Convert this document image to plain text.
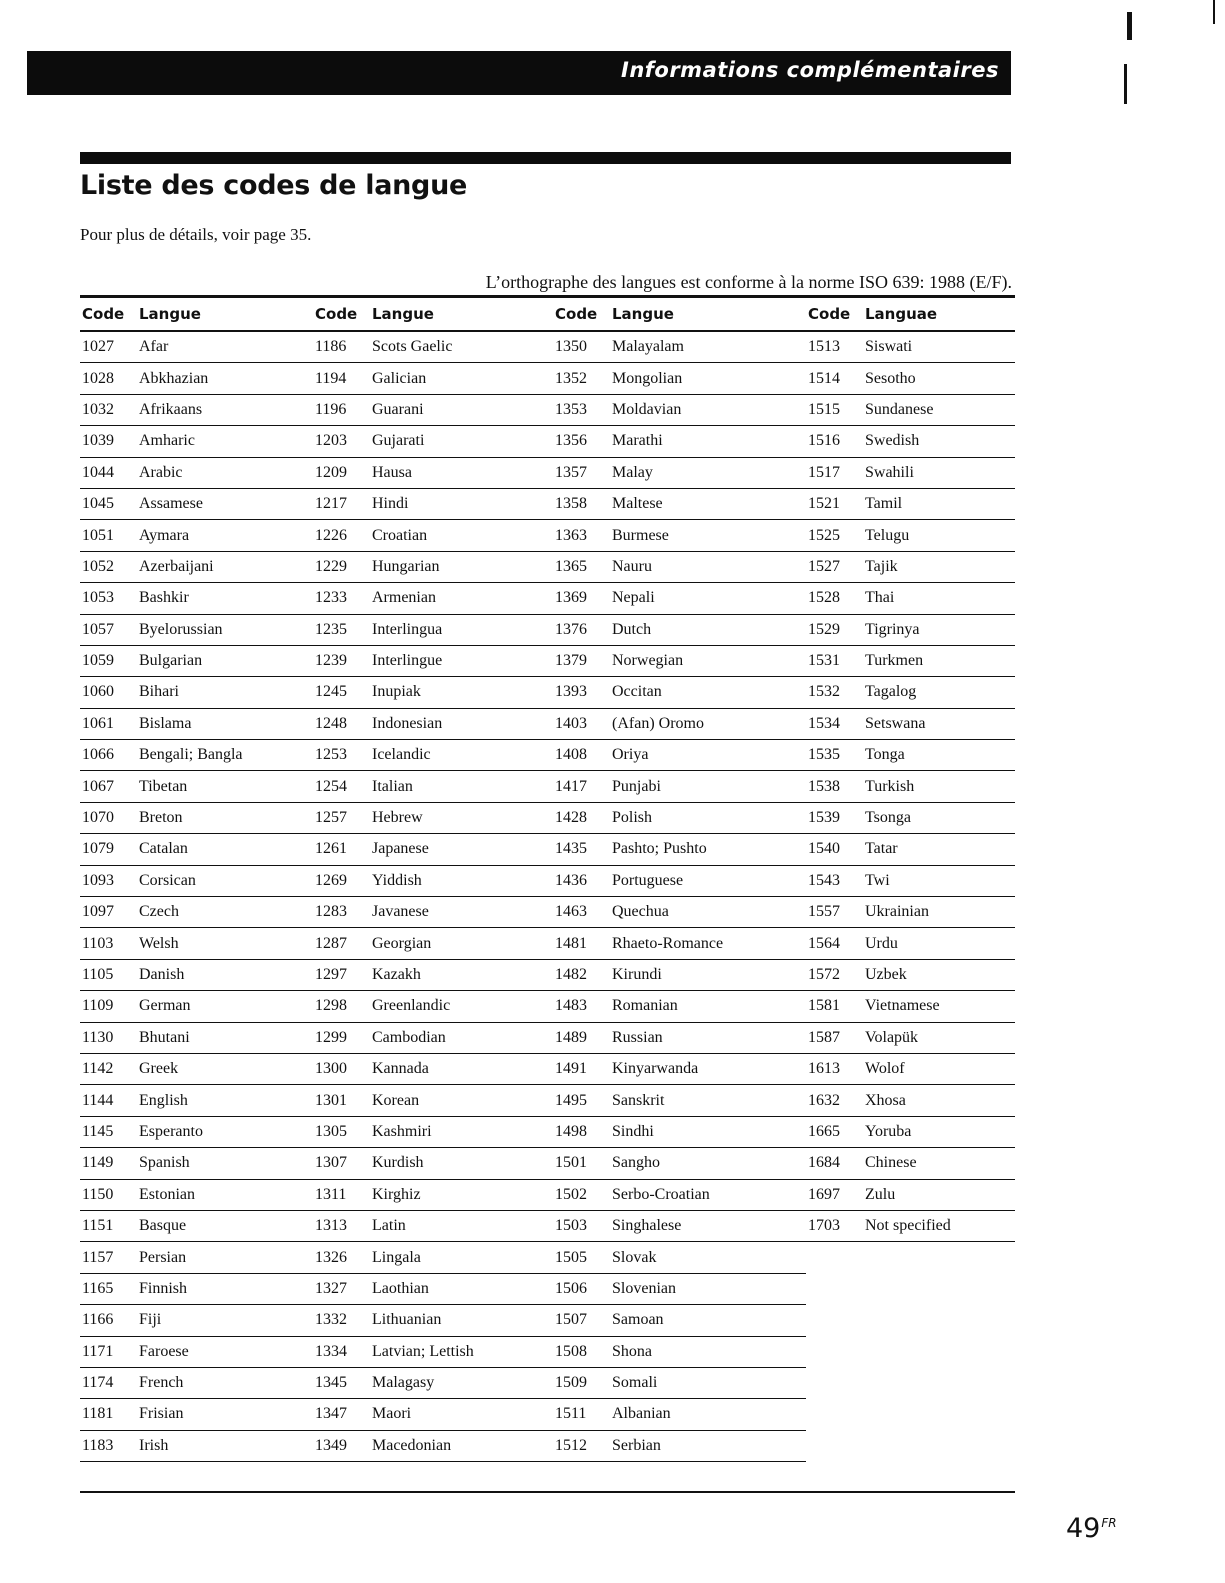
Informations complémentaires
Liste des codes de langue
Pour plus de détails, voir page 35.
L’orthographe des langues est conforme à la norme ISO 639: 1988 (E/F).
Code Langue
1027	Afar
1028	Abkhazian
1032	Afrikaans
1039	Amharic
1044	Arabic
1045	Assamese
1051	Aymara
1052	Azerbaijani
1053	Bashkir
1057	Byelorussian
1059	Bulgarian
1060	Bihari
1061	Bislama
1066	Bengali; Bangla
1067	Tibetan
1070	Breton
1079	Catalan
1093	Corsican
1097	Czech
1103	Welsh
1105	Danish
1109	German
1130	Bhutani
1142	Greek
1144	English
1145	Esperanto
1149	Spanish
1150	Estonian
1151	Basque
1157	Persian
1165	Finnish
1166	Fiji
1171	Faroese
1174	French
1181	Frisian
1183	Irish
Code Langue
1186	Scots Gaelic
1194	Galician
1196	Guarani
1203	Gujarati
1209	Hausa
1217	Hindi
1226	Croatian
1229	Hungarian
1233	Armenian
1235	Interlingua
1239	Interlingue
1245	Inupiak
1248	Indonesian
1253	Icelandic
1254	Italian
1257	Hebrew
1261	Japanese
1269	Yiddish
1283	Javanese
1287	Georgian
1297	Kazakh
1298	Greenlandic
1299	Cambodian
1300	Kannada
1301	Korean
1305	Kashmiri
1307	Kurdish
1311	Kirghiz
1313	Latin
1326	Lingala
1327	Laothian
1332	Lithuanian
1334	Latvian; Lettish
1345	Malagasy
1347	Maori
1349	Macedonian
Code Langue
1350	Malayalam
1352	Mongolian
1353	Moldavian
1356	Marathi
1357	Malay
1358	Maltese
1363	Burmese
1365	Nauru
1369	Nepali
1376	Dutch
1379	Norwegian
1393	Occitan
1403	(Afan) Oromo
1408	Oriya
1417	Punjabi
1428	Polish
1435	Pashto; Pushto
1436	Portuguese
1463	Quechua
1481	Rhaeto-Romance
1482	Kirundi
1483	Romanian
1489	Russian
1491	Kinyarwanda
1495	Sanskrit
1498	Sindhi
1501	Sangho
1502	Serbo-Croatian
1503	Singhalese
1505	Slovak
1506	Slovenian
1507	Samoan
1508	Shona
1509	Somali
1511	Albanian
1512	Serbian
Code Languae
1513	Siswati
1514	Sesotho
1515	Sundanese
1516	Swedish
1517	Swahili
1521	Tamil
1525	Telugu
1527	Tajik
1528	Thai
1529	Tigrinya
1531	Turkmen
1532	Tagalog
1534	Setswana
1535	Tonga
1538	Turkish
1539	Tsonga
1540	Tatar
1543	Twi
1557	Ukrainian
1564	Urdu
1572	Uzbek
1581	Vietnamese
1587	Volapük
1613	Wolof
1632	Xhosa
1665	Yoruba
1684	Chinese
1697	Zulu
1703	Not specified
$49^{FR}$
